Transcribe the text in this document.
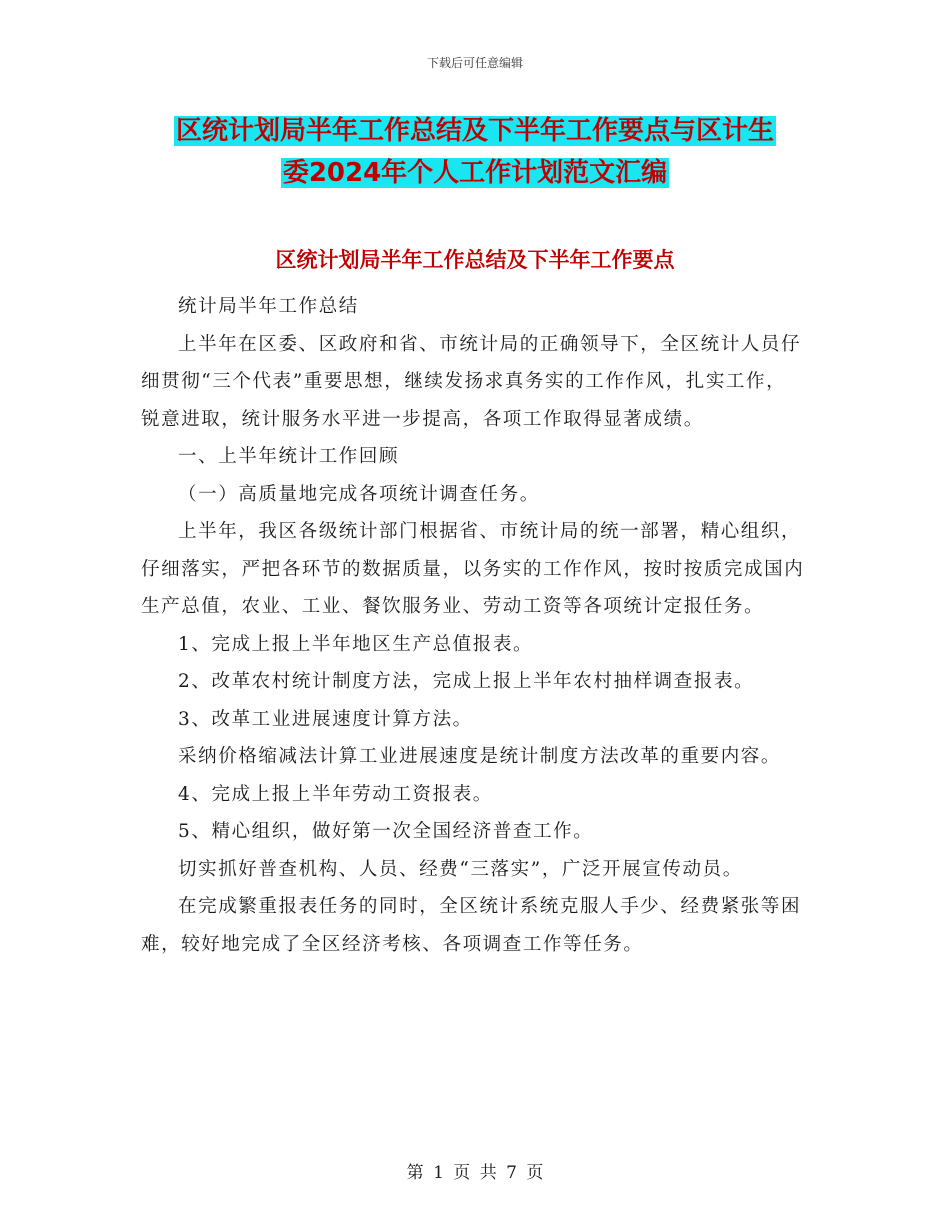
下载后可任意编辑
区统计划局半年工作总结及下半年工作要点与区计生
委2024年个人工作计划范文汇编
区统计划局半年工作总结及下半年工作要点

统计局半年工作总结

上半年在区委、区政府和省、市统计局的正确领导下，全区统计人员仔细贯彻“三个代表”重要思想，继续发扬求真务实的工作作风，扎实工作，锐意进取，统计服务水平进一步提高，各项工作取得显著成绩。

一、上半年统计工作回顾

（一）高质量地完成各项统计调查任务。

上半年，我区各级统计部门根据省、市统计局的统一部署，精心组织，仔细落实，严把各环节的数据质量，以务实的工作作风，按时按质完成国内生产总值，农业、工业、餐饮服务业、劳动工资等各项统计定报任务。

1、完成上报上半年地区生产总值报表。

2、改革农村统计制度方法，完成上报上半年农村抽样调查报表。

3、改革工业进展速度计算方法。

采纳价格缩减法计算工业进展速度是统计制度方法改革的重要内容。

4、完成上报上半年劳动工资报表。

5、精心组织，做好第一次全国经济普查工作。

切实抓好普查机构、人员、经费“三落实”，广泛开展宣传动员。

在完成繁重报表任务的同时，全区统计系统克服人手少、经费紧张等困难，较好地完成了全区经济考核、各项调查工作等任务。

第 1 页 共 7 页
